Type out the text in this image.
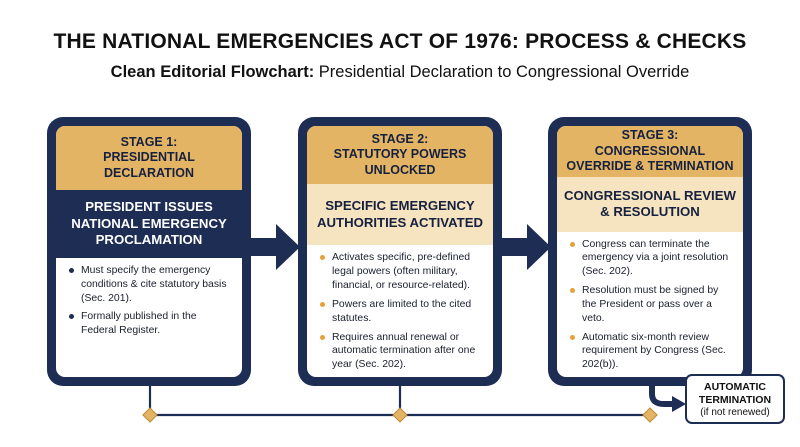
THE NATIONAL EMERGENCIES ACT OF 1976: PROCESS & CHECKS
Clean Editorial Flowchart: Presidential Declaration to Congressional Override
STAGE 1:
PRESIDENTIAL
DECLARATION
PRESIDENT ISSUES
NATIONAL EMERGENCY
PROCLAMATION
Must specify the emergency conditions & cite statutory basis (Sec. 201).
Formally published in the Federal Register.
STAGE 2:
STATUTORY POWERS
UNLOCKED
SPECIFIC EMERGENCY
AUTHORITIES ACTIVATED
Activates specific, pre-defined legal powers (often military, financial, or resource-related).
Powers are limited to the cited statutes.
Requires annual renewal or automatic termination after one year (Sec. 202).
STAGE 3:
CONGRESSIONAL
OVERRIDE & TERMINATION
CONGRESSIONAL REVIEW
& RESOLUTION
Congress can terminate the emergency via a joint resolution (Sec. 202).
Resolution must be signed by the President or pass over a veto.
Automatic six-month review requirement by Congress (Sec. 202(b)).
AUTOMATIC
TERMINATION
(if not renewed)
